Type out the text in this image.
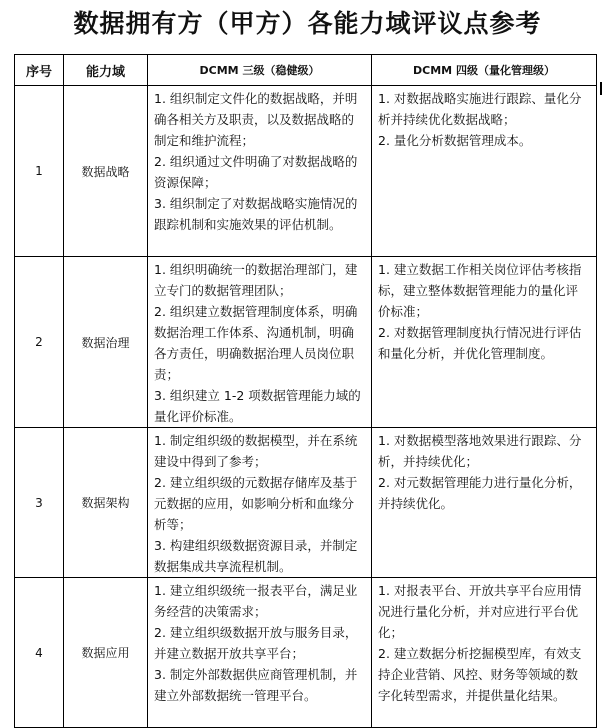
数据拥有方（甲方）各能力域评议点参考
序号	能力域	DCMM 三级（稳健级）	DCMM 四级（量化管理级）
1	数据战略	1. 组织制定文件化的数据战略，并明确各相关方及职责，以及数据战略的制定和维护流程；
2. 组织通过文件明确了对数据战略的资源保障；
3. 组织制定了对数据战略实施情况的跟踪机制和实施效果的评估机制。	1. 对数据战略实施进行跟踪、量化分析并持续优化数据战略；
2. 量化分析数据管理成本。

2	数据治理	1. 组织明确统一的数据治理部门，建立专门的数据管理团队；
2. 组织建立数据管理制度体系，明确数据治理工作体系、沟通机制，明确各方责任，明确数据治理人员岗位职责；
3. 组织建立 1-2 项数据管理能力域的量化评价标准。	1. 建立数据工作相关岗位评估考核指标，建立整体数据管理能力的量化评价标准；
2. 对数据管理制度执行情况进行评估和量化分析，并优化管理制度。

3	数据架构	1. 制定组织级的数据模型，并在系统建设中得到了参考；
2. 建立组织级的元数据存储库及基于元数据的应用，如影响分析和血缘分析等；
3. 构建组织级数据资源目录，并制定数据集成共享流程机制。	1. 对数据模型落地效果进行跟踪、分析，并持续优化；
2. 对元数据管理能力进行量化分析，并持续优化。

4	数据应用	1. 建立组织级统一报表平台，满足业务经营的决策需求；
2. 建立组织级数据开放与服务目录，并建立数据开放共享平台；
3. 制定外部数据供应商管理机制，并建立外部数据统一管理平台。	1. 对报表平台、开放共享平台应用情况进行量化分析，并对应进行平台优化；
2. 建立数据分析挖掘模型库，有效支持企业营销、风控、财务等领域的数字化转型需求，并提供量化结果。
